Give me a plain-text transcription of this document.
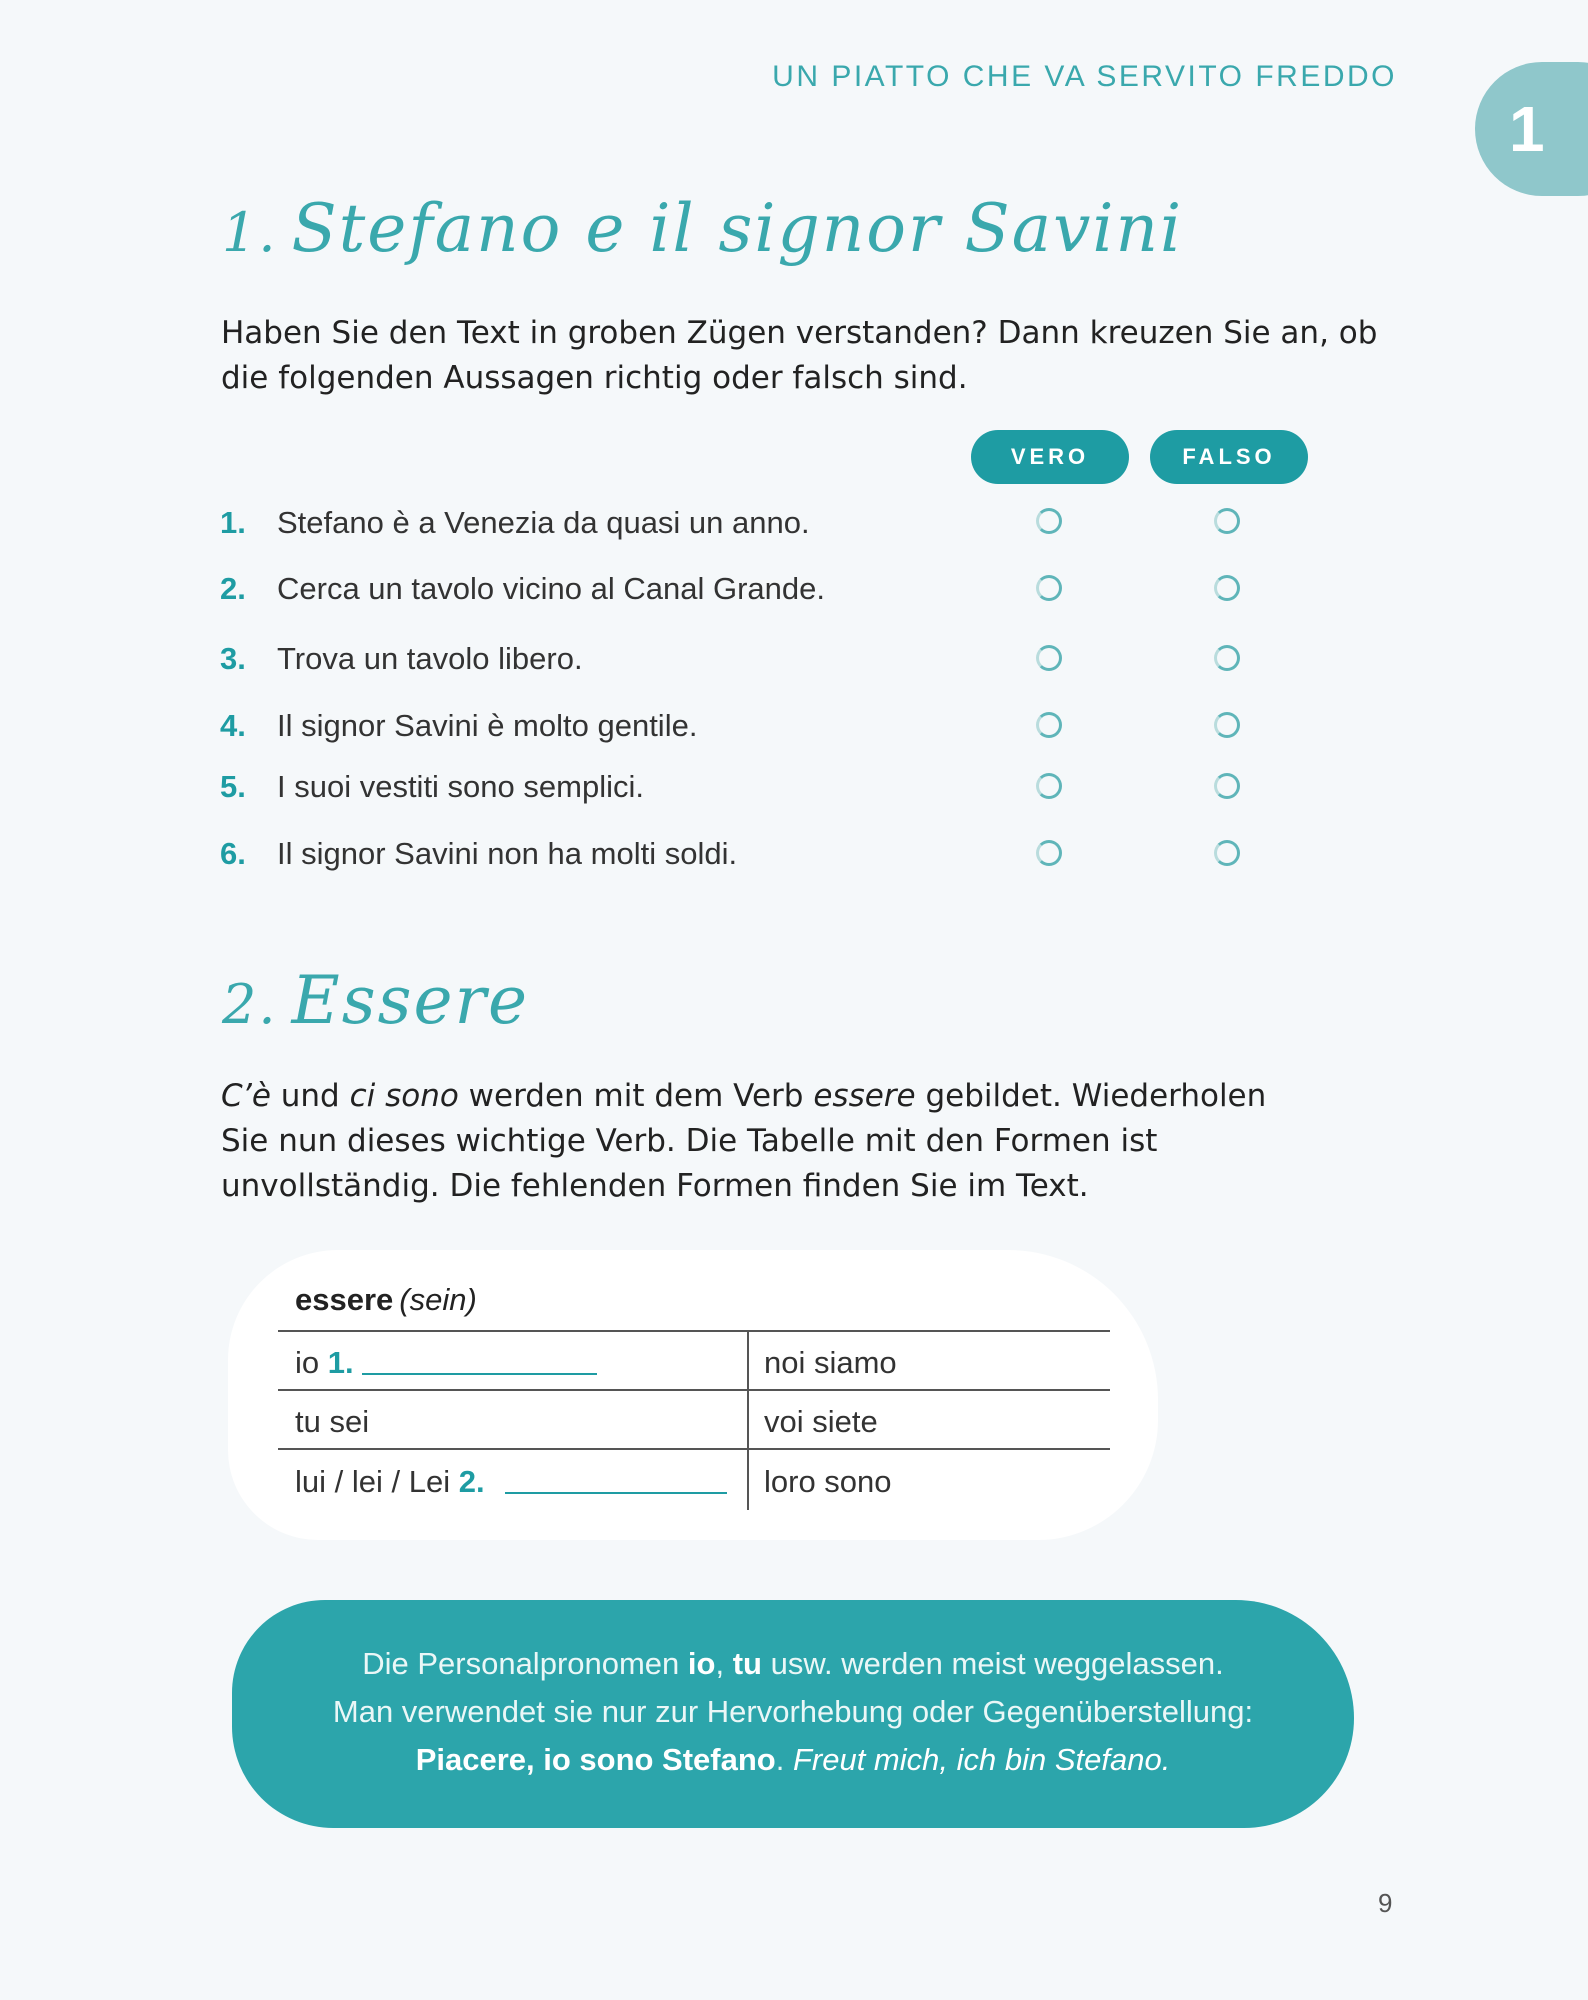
UN PIATTO CHE VA SERVITO FREDDO
1
1. Stefano e il signor Savini
Haben Sie den Text in groben Zügen verstanden? Dann kreuzen Sie an, ob die folgenden Aussagen richtig oder falsch sind.
VERO	FALSO
1. Stefano è a Venezia da quasi un anno.
2. Cerca un tavolo vicino al Canal Grande.
3. Trova un tavolo libero.
4. Il signor Savini è molto gentile.
5. I suoi vestiti sono semplici.
6. Il signor Savini non ha molti soldi.
2. Essere
C’è und ci sono werden mit dem Verb essere gebildet. Wiederholen
Sie nun dieses wichtige Verb. Die Tabelle mit den Formen ist
unvollständig. Die fehlenden Formen finden Sie im Text.
essere (sein)
io 1.	noi siamo
tu sei	voi siete
lui / lei / Lei 2.	loro sono
Die Personalpronomen io, tu usw. werden meist weggelassen.
Man verwendet sie nur zur Hervorhebung oder Gegenüberstellung:
Piacere, io sono Stefano. Freut mich, ich bin Stefano.
9
